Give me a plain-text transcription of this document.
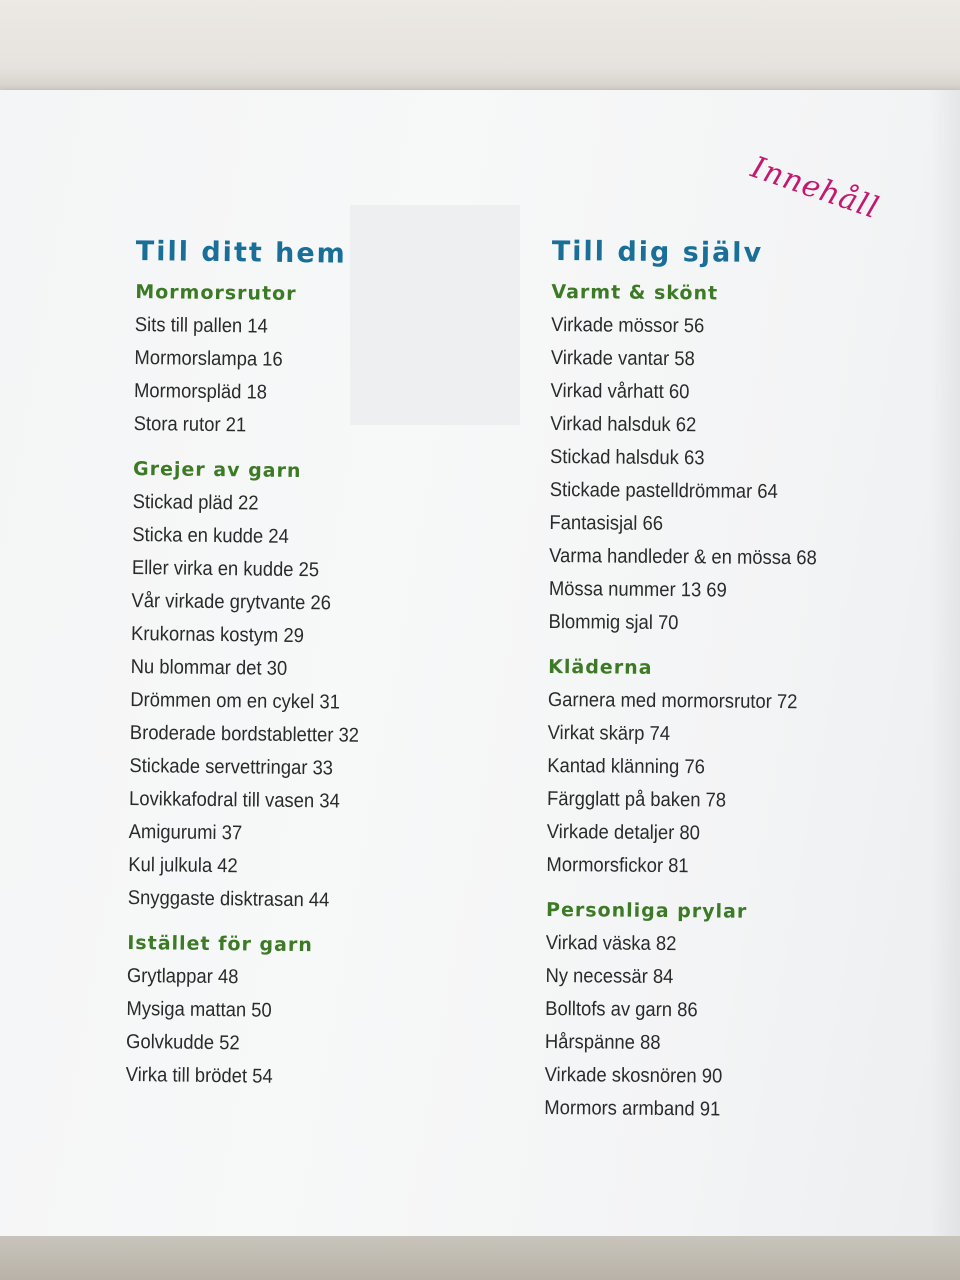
Innehåll
Till ditt hem
Mormorsrutor
Sits till pallen 14
Mormorslampa 16
Mormorspläd 18
Stora rutor 21
Grejer av garn
Stickad pläd 22
Sticka en kudde 24
Eller virka en kudde 25
Vår virkade grytvante 26
Krukornas kostym 29
Nu blommar det 30
Drömmen om en cykel 31
Broderade bordstabletter 32
Stickade servettringar 33
Lovikkafodral till vasen 34
Amigurumi 37
Kul julkula 42
Snyggaste disktrasan 44
Istället för garn
Grytlappar 48
Mysiga mattan 50
Golvkudde 52
Virka till brödet 54
Till dig själv
Varmt & skönt
Virkade mössor 56
Virkade vantar 58
Virkad vårhatt 60
Virkad halsduk 62
Stickad halsduk 63
Stickade pastelldrömmar 64
Fantasisjal 66
Varma handleder & en mössa 68
Mössa nummer 13 69
Blommig sjal 70
Kläderna
Garnera med mormorsrutor 72
Virkat skärp 74
Kantad klänning 76
Färgglatt på baken 78
Virkade detaljer 80
Mormorsfickor 81
Personliga prylar
Virkad väska 82
Ny necessär 84
Bolltofs av garn 86
Hårspänne 88
Virkade skosnören 90
Mormors armband 91
